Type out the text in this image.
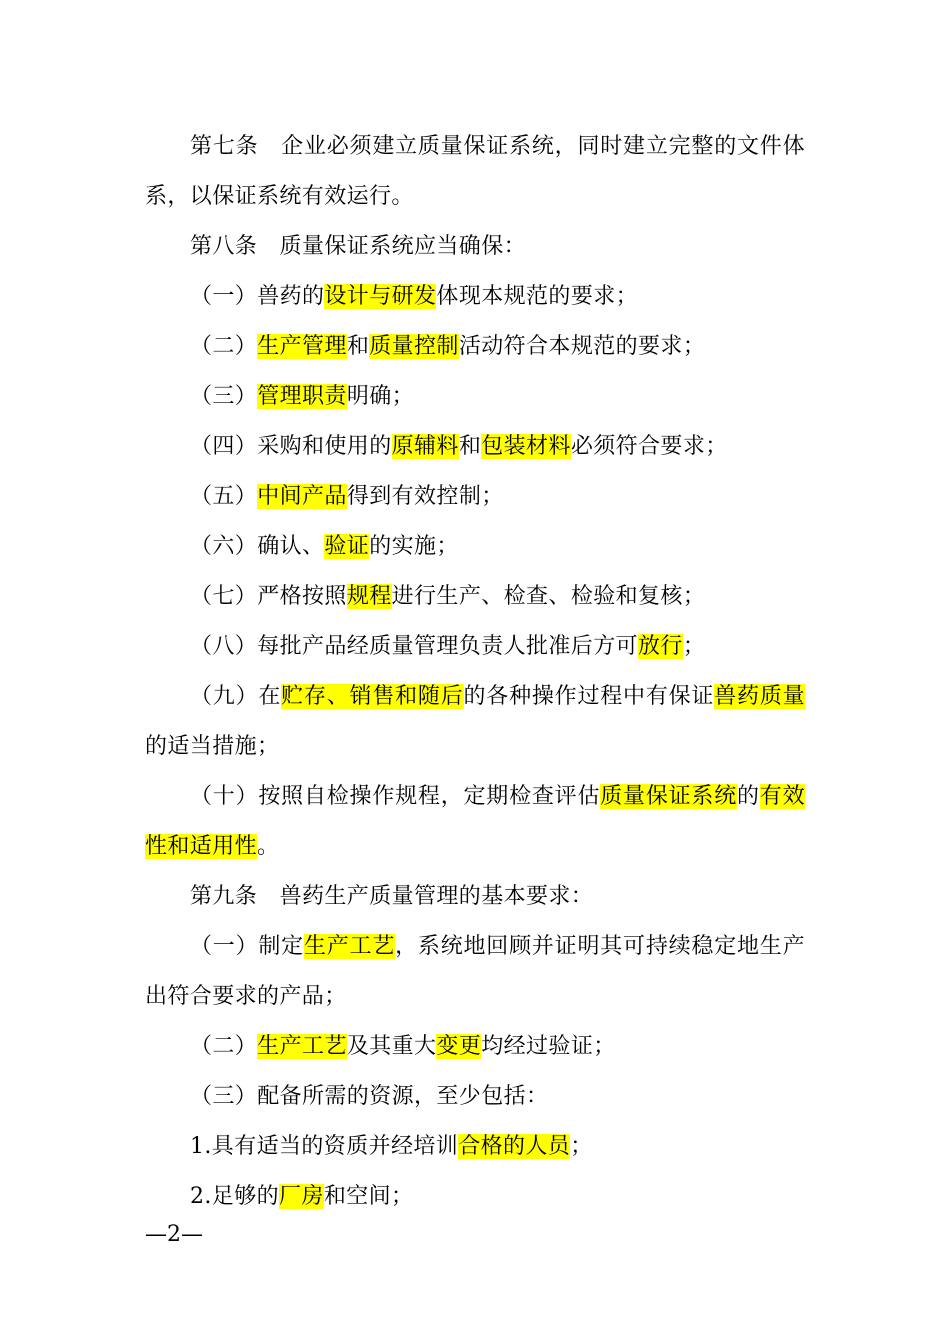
第七条　企业必须建立质量保证系统，同时建立完整的文件体
系，以保证系统有效运行。
第八条　质量保证系统应当确保：
（一）兽药的设计与研发体现本规范的要求；
（二）生产管理和质量控制活动符合本规范的要求；
（三）管理职责明确；
（四）采购和使用的原辅料和包装材料必须符合要求；
（五）中间产品得到有效控制；
（六）确认、验证的实施；
（七）严格按照规程进行生产、检查、检验和复核；
（八）每批产品经质量管理负责人批准后方可放行；
（九）在贮存、销售和随后的各种操作过程中有保证兽药质量
的适当措施；
（十）按照自检操作规程，定期检查评估质量保证系统的有效
性和适用性。
第九条　兽药生产质量管理的基本要求：
（一）制定生产工艺，系统地回顾并证明其可持续稳定地生产
出符合要求的产品；
（二）生产工艺及其重大变更均经过验证；
（三）配备所需的资源，至少包括：
1.具有适当的资质并经培训合格的人员；
2.足够的厂房和空间；
—2—
